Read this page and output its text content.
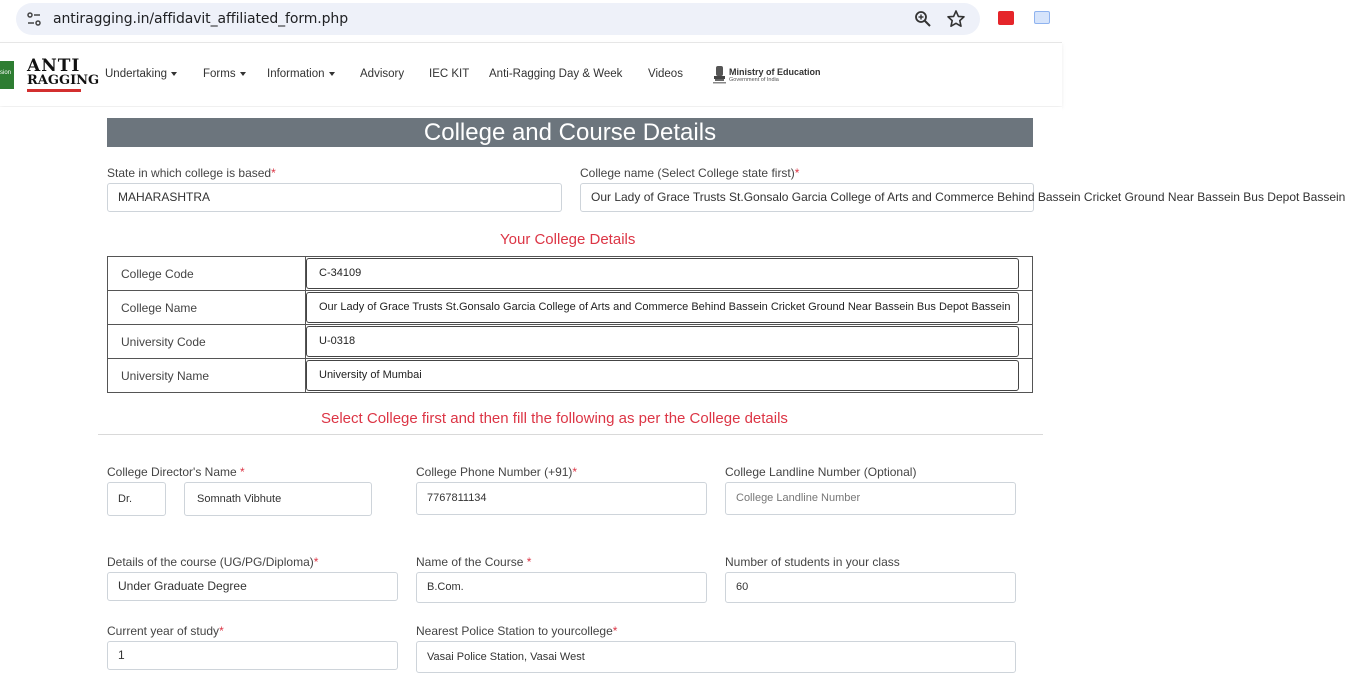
antiragging.in/affidavit_affiliated_form.php
sion ANTI
RAGGING Undertaking	Forms	Information	Advisory IEC KIT Anti-Ragging Day & Week Videos	Ministry of Education
Government of India
College and Course Details
State in which college is based*
MAHARASHTRA
College name (Select College state first)*
Our Lady of Grace Trusts St.Gonsalo Garcia College of Arts and Commerce Behind Bassein Cricket Ground Near Bassein Bus Depot Bassein
Your College Details
College Code	C-34109

College Name	Our Lady of Grace Trusts St.Gonsalo Garcia College of Arts and Commerce Behind Bassein Cricket Ground Near Bassein Bus Depot Bassein

University Code	U-0318

University Name	University of Mumbai
Select College first and then fill the following as per the College details
College Director's Name *
Dr.	Somnath Vibhute
College Phone Number (+91)*
7767811134
College Landline Number (Optional)
College Landline Number
Details of the course (UG/PG/Diploma)*
Under Graduate Degree
Name of the Course *
B.Com.
Number of students in your class
60
Current year of study*
1
Nearest Police Station to yourcollege*
Vasai Police Station, Vasai West
